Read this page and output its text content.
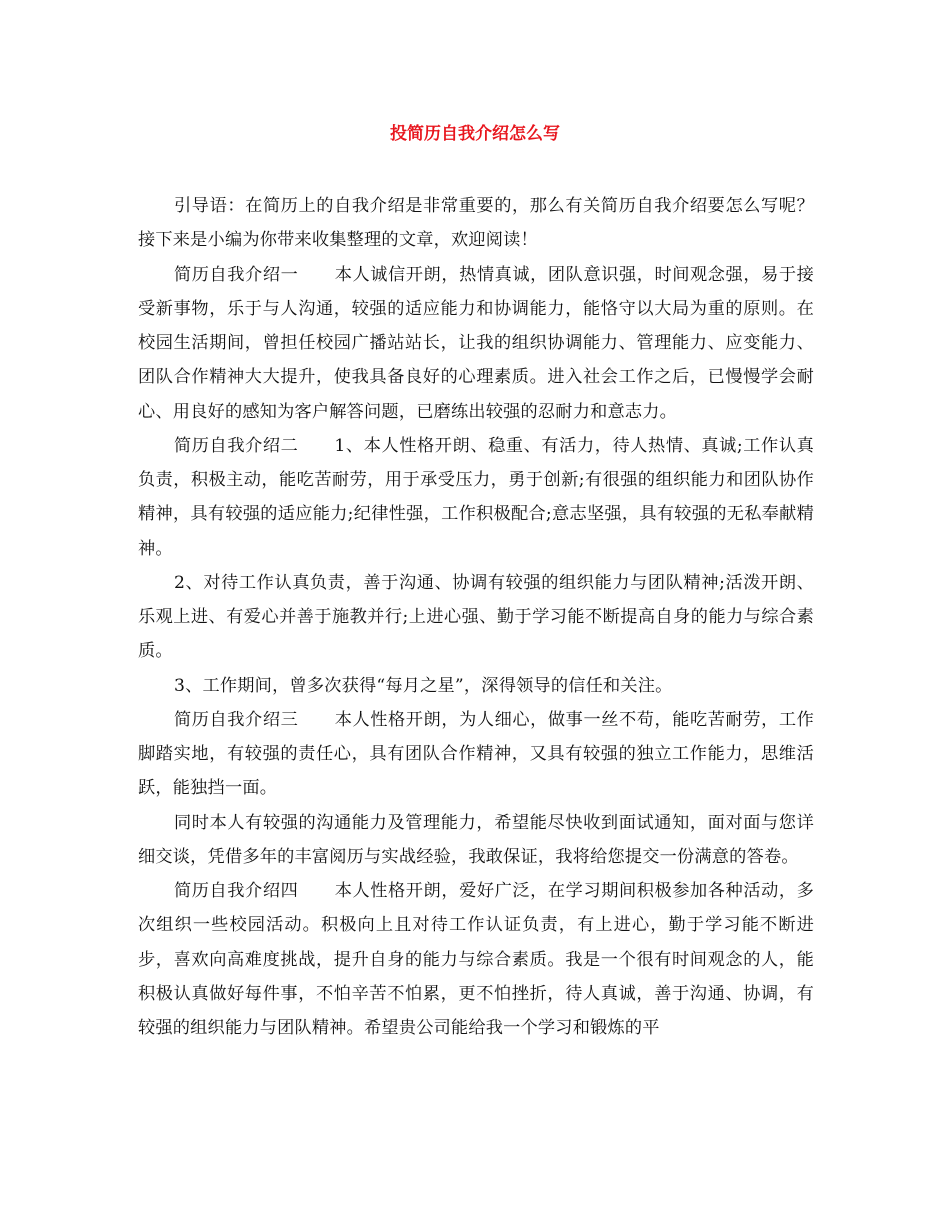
投简历自我介绍怎么写

引导语：在简历上的自我介绍是非常重要的，那么有关简历自我介绍要怎么写呢？接下来是小编为你带来收集整理的文章，欢迎阅读！

简历自我介绍一 本人诚信开朗，热情真诚，团队意识强，时间观念强，易于接受新事物，乐于与人沟通，较强的适应能力和协调能力，能恪守以大局为重的原则。在校园生活期间，曾担任校园广播站站长，让我的组织协调能力、管理能力、应变能力、团队合作精神大大提升，使我具备良好的心理素质。进入社会工作之后，已慢慢学会耐心、用良好的感知为客户解答问题，已磨练出较强的忍耐力和意志力。

简历自我介绍二 1、本人性格开朗、稳重、有活力，待人热情、真诚;工作认真负责，积极主动，能吃苦耐劳，用于承受压力，勇于创新;有很强的组织能力和团队协作精神，具有较强的适应能力;纪律性强，工作积极配合;意志坚强，具有较强的无私奉献精神。

2、对待工作认真负责，善于沟通、协调有较强的组织能力与团队精神;活泼开朗、乐观上进、有爱心并善于施教并行;上进心强、勤于学习能不断提高自身的能力与综合素质。

3、工作期间，曾多次获得“每月之星”，深得领导的信任和关注。

简历自我介绍三 本人性格开朗，为人细心，做事一丝不苟，能吃苦耐劳，工作脚踏实地，有较强的责任心，具有团队合作精神，又具有较强的独立工作能力，思维活跃，能独挡一面。

同时本人有较强的沟通能力及管理能力，希望能尽快收到面试通知，面对面与您详细交谈，凭借多年的丰富阅历与实战经验，我敢保证，我将给您提交一份满意的答卷。

简历自我介绍四 本人性格开朗，爱好广泛，在学习期间积极参加各种活动，多次组织一些校园活动。积极向上且对待工作认证负责，有上进心，勤于学习能不断进步，喜欢向高难度挑战，提升自身的能力与综合素质。我是一个很有时间观念的人，能积极认真做好每件事，不怕辛苦不怕累，更不怕挫折，待人真诚，善于沟通、协调，有较强的组织能力与团队精神。希望贵公司能给我一个学习和锻炼的平
